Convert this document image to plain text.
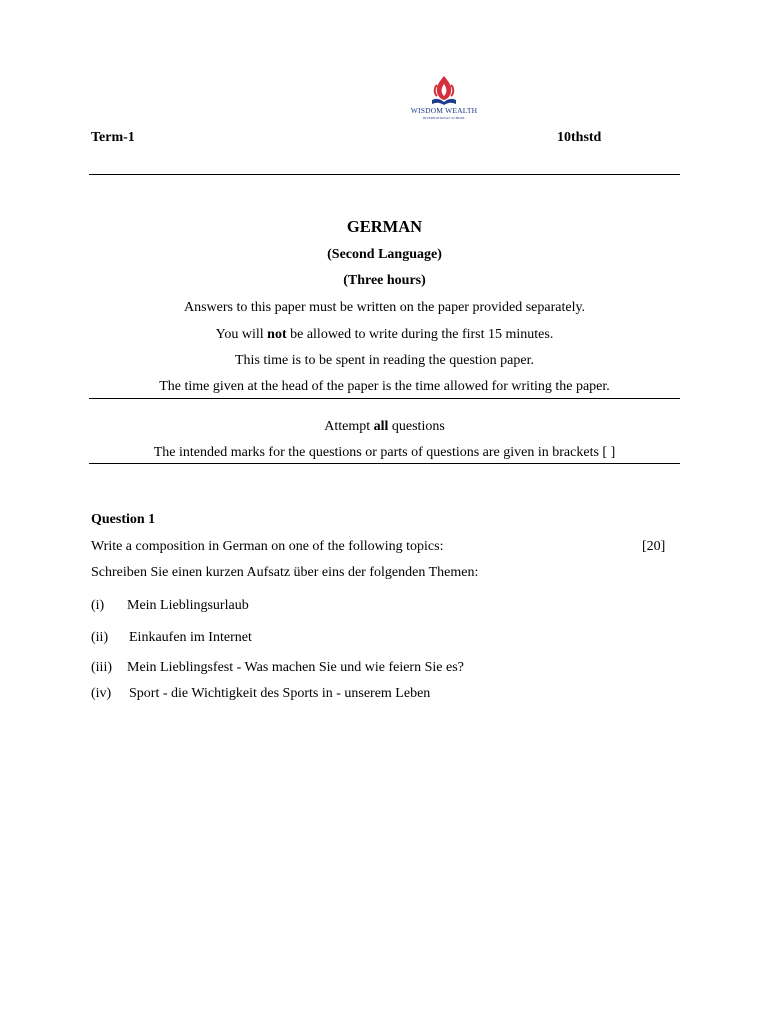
WISDOM WEALTH
INTERNATIONAL SCHOOL
Term-1	10thstd
GERMAN
(Second Language)
(Three hours)
Answers to this paper must be written on the paper provided separately.
You will not be allowed to write during the first 15 minutes.
This time is to be spent in reading the question paper.
The time given at the head of the paper is the time allowed for writing the paper.
Attempt all questions
The intended marks for the questions or parts of questions are given in brackets [ ]
Question 1
Write a composition in German on one of the following topics:	[20]
Schreiben Sie einen kurzen Aufsatz über eins der folgenden Themen:
(i) Mein Lieblingsurlaub
(ii) Einkaufen im Internet
(iii) Mein Lieblingsfest - Was machen Sie und wie feiern Sie es?
(iv) Sport - die Wichtigkeit des Sports in - unserem Leben
